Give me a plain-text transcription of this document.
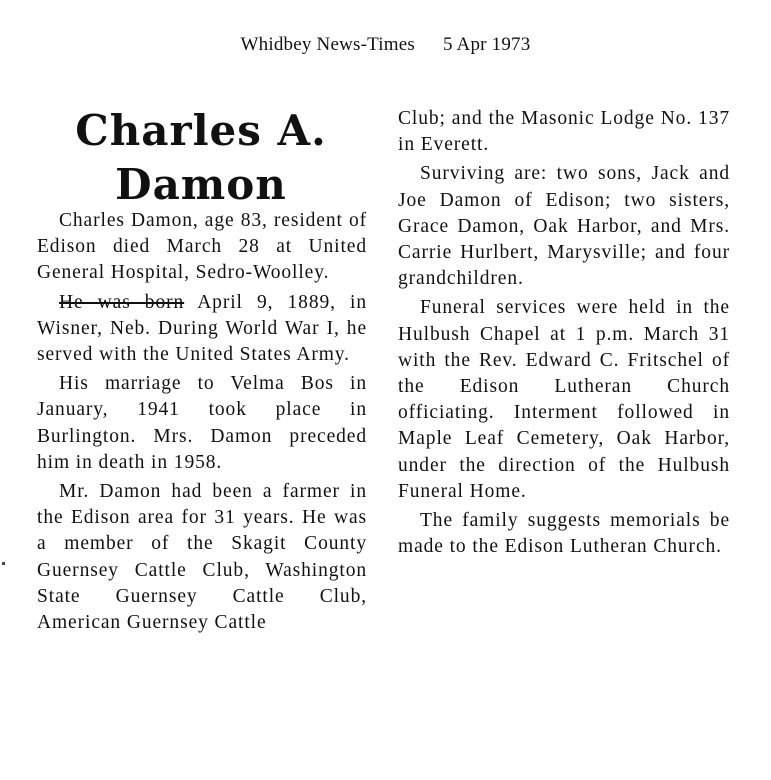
Whidbey News-Times 5 Apr 1973
Charles A.
Damon

Charles Damon, age 83, resident of Edison died March 28 at United General Hospital, Sedro-Woolley.

He was born April 9, 1889, in Wisner, Neb. During World War I, he served with the United States Army.

His marriage to Velma Bos in January, 1941 took place in Burlington. Mrs. Damon preceded him in death in 1958.

Mr. Damon had been a farmer in the Edison area for 31 years. He was a member of the Skagit County Guernsey Cattle Club, Washington State Guernsey Cattle Club, American Guernsey Cattle

Club; and the Masonic Lodge No. 137 in Everett.

Surviving are: two sons, Jack and Joe Damon of Edison; two sisters, Grace Damon, Oak Harbor, and Mrs. Carrie Hurlbert, Marysville; and four grandchildren.

Funeral services were held in the Hulbush Chapel at 1 p.m. March 31 with the Rev. Edward C. Fritschel of the Edison Lutheran Church officiating. Interment followed in Maple Leaf Cemetery, Oak Harbor, under the direction of the Hulbush Funeral Home.

The family suggests memorials be made to the Edison Lutheran Church.
